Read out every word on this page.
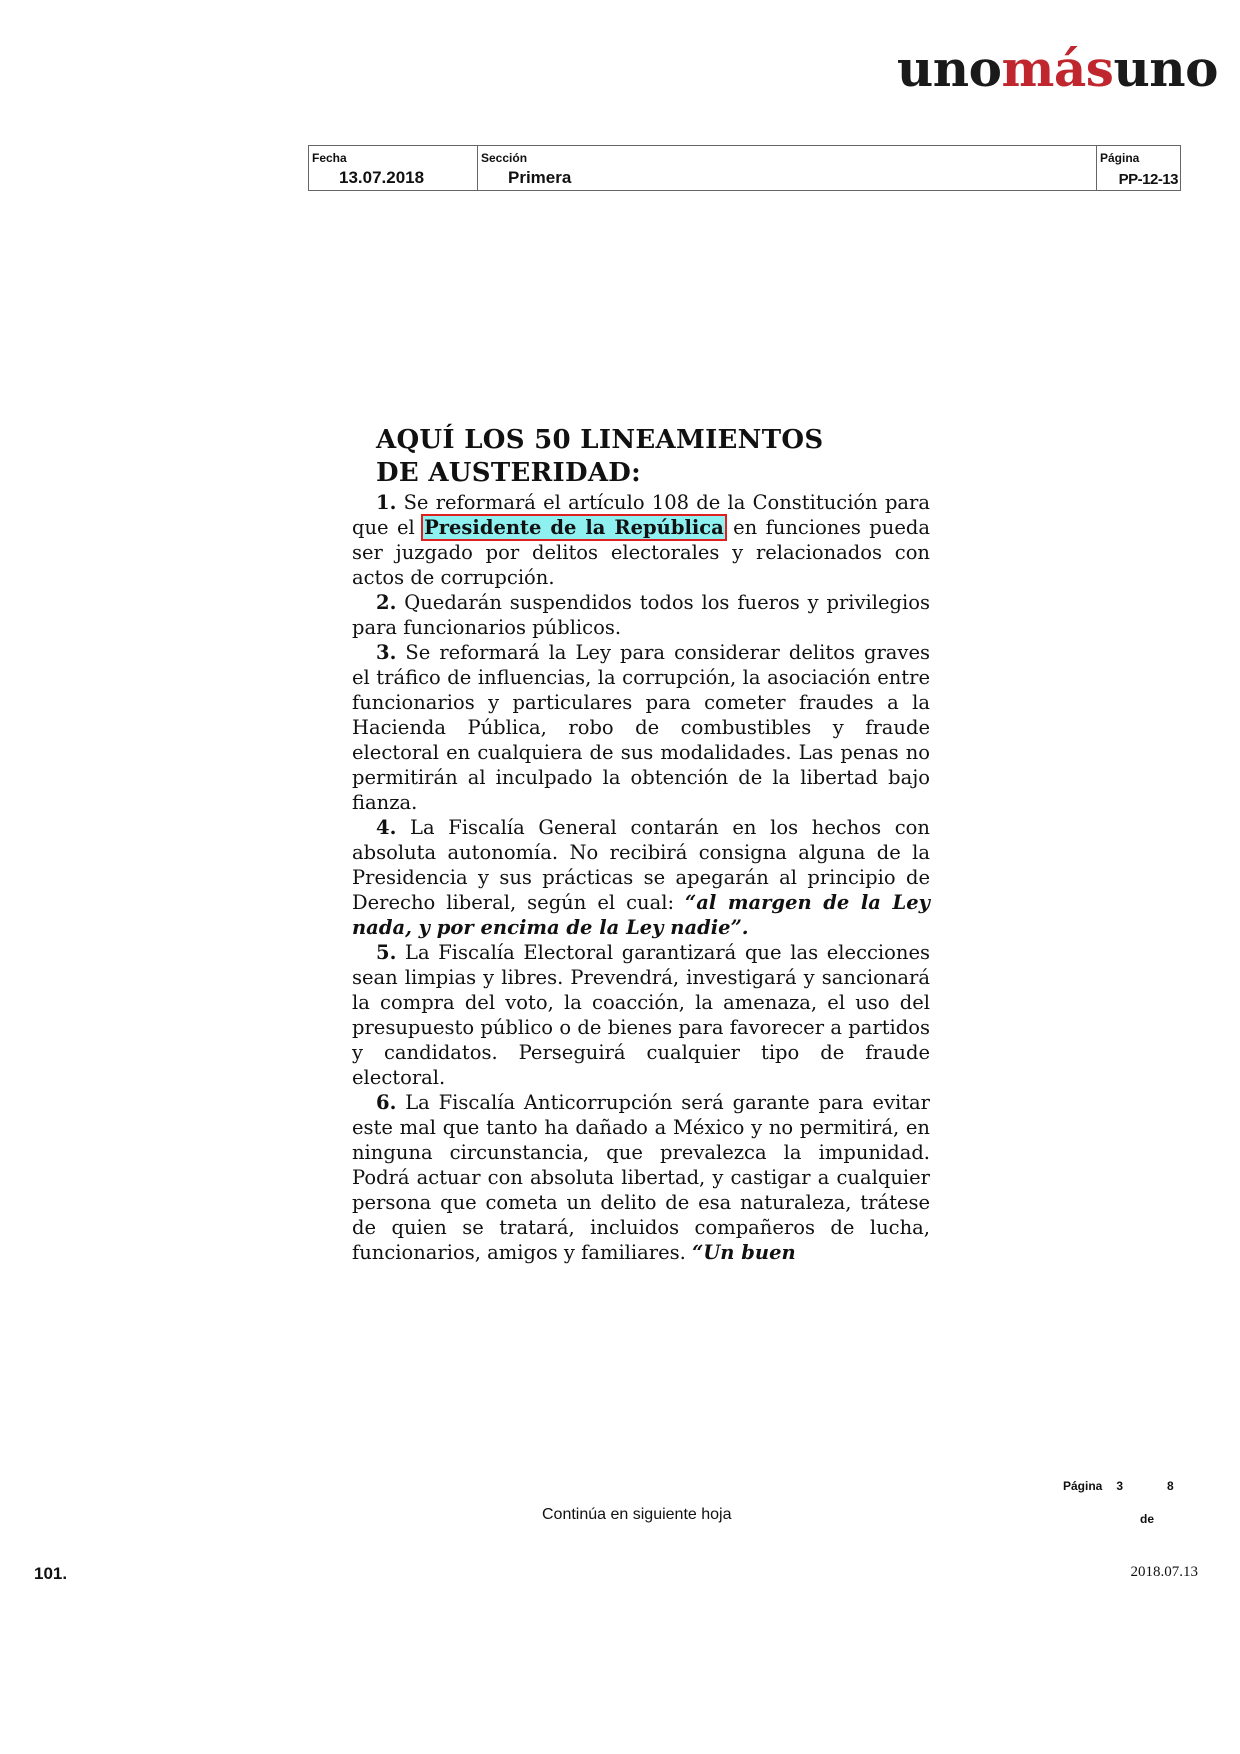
unomásuno
Fecha
13.07.2018
Sección
Primera
Página
PP-12-13
AQUÍ LOS 50 LINEAMIENTOS
DE AUSTERIDAD:

1. Se reformará el artículo 108 de la Constitución para que el Presidente de la República en funciones pueda ser juzgado por delitos electorales y relacionados con actos de corrupción.

2. Quedarán suspendidos todos los fueros y privilegios para funcionarios públicos.

3. Se reformará la Ley para considerar delitos graves el tráfico de influencias, la corrupción, la asociación entre funcionarios y particulares para cometer fraudes a la Hacienda Pública, robo de combustibles y fraude electoral en cualquiera de sus modalidades. Las penas no permitirán al inculpado la obtención de la libertad bajo fianza.

4. La Fiscalía General contarán en los hechos con absoluta autonomía. No recibirá consigna alguna de la Presidencia y sus prácticas se apegarán al principio de Derecho liberal, según el cual: “al margen de la Ley nada, y por encima de la Ley nadie”.

5. La Fiscalía Electoral garantizará que las elecciones sean limpias y libres. Prevendrá, investigará y sancionará la compra del voto, la coacción, la amenaza, el uso del presupuesto público o de bienes para favorecer a partidos y candidatos. Perseguirá cualquier tipo de fraude electoral.

6. La Fiscalía Anticorrupción será garante para evitar este mal que tanto ha dañado a México y no permitirá, en ninguna circunstancia, que prevalezca la impunidad. Podrá actuar con absoluta libertad, y castigar a cualquier persona que cometa un delito de esa naturaleza, trátese de quien se tratará, incluidos compañeros de lucha, funcionarios, amigos y familiares. “Un buen

Página 3	8
de
Continúa en siguiente hoja
101.	2018.07.13
